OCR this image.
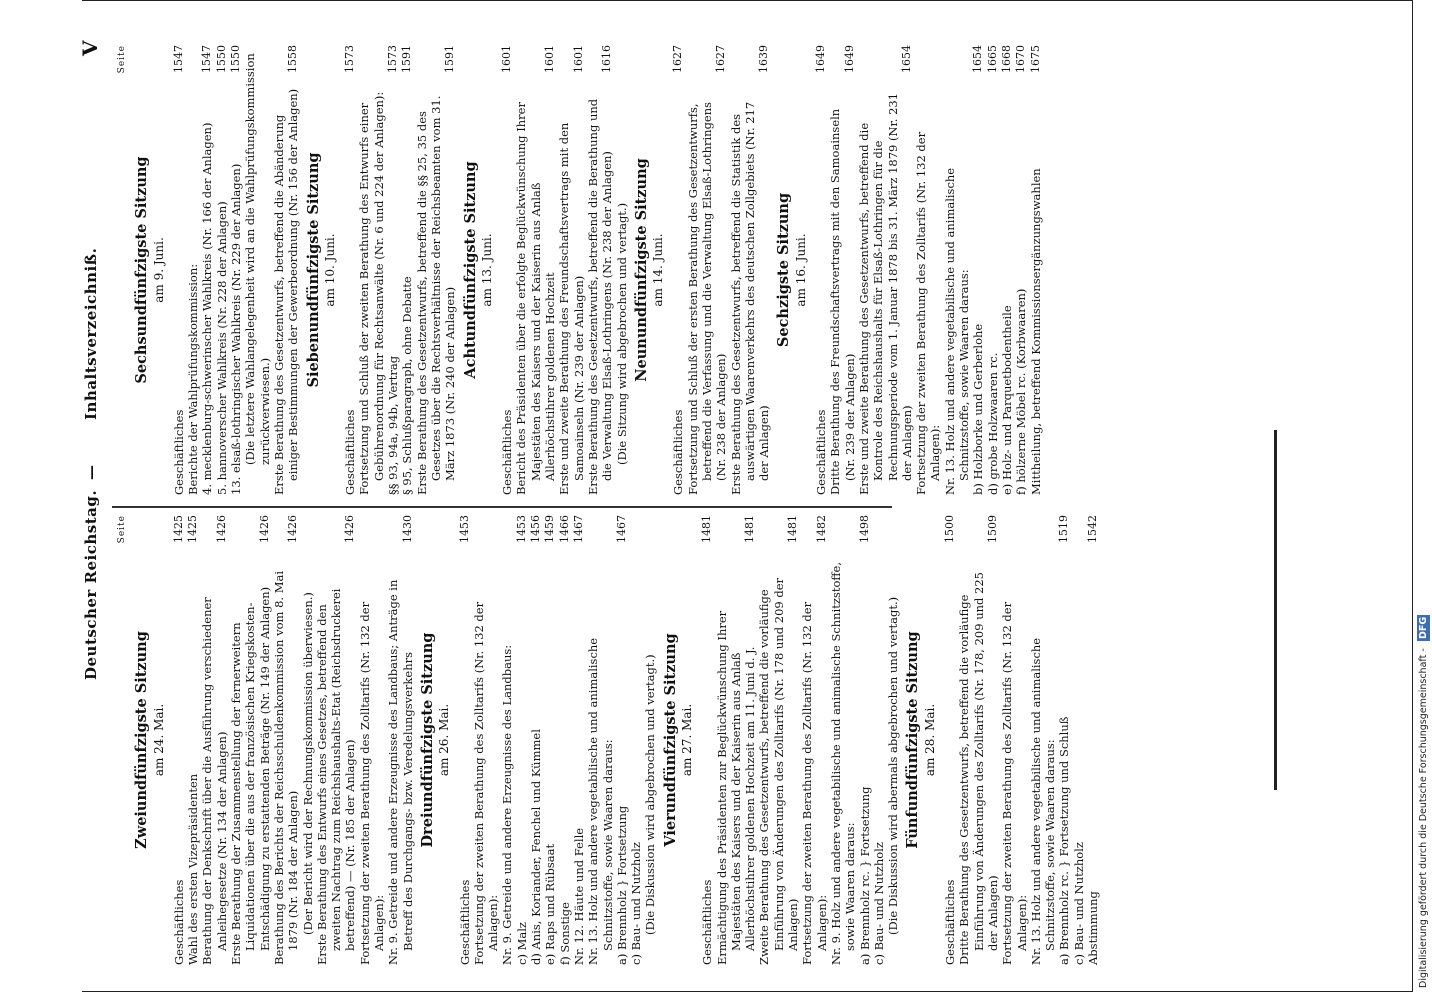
Deutscher Reichstag.
—
Inhaltsverzeichniß.
V
Seite
Zweiundfünfzigste Sitzung am 24. Mai.
Geschäftliches
1425
Wahl des ersten Vizepräsidenten
1425
Berathung der Denkschrift über die Ausführung verschiedener Anleihegesetze (Nr. 134 der Anlagen)
1426
Erste Berathung der Zusammenstellung der fernerweitern Liquidationen über die aus der französischen Kriegskosten-Entschädigung zu erstattenden Beträge (Nr. 149 der Anlagen)
1426
Berathung des Berichts der Reichsschuldenkommission vom 8. Mai 1879 (Nr. 184 der Anlagen)
1426
(Der Bericht wird der Rechnungskommission überwiesen.) Erste Berathung des Entwurfs eines Gesetzes, betreffend den zweiten Nachtrag zum Reichshaushalts-Etat (Reichsdruckerei betreffend) — (Nr. 185 der Anlagen)
1426
Fortsetzung der zweiten Berathung des Zolltarifs (Nr. 132 der Anlagen): Nr. 9. Getreide und andere Erzeugnisse des Landbaus; Anträge in Betreff des Durchgangs- bzw. Veredelungsverkehrs
1430
Dreiundfünfzigste Sitzung am 26. Mai.
Geschäftliches
1453
Fortsetzung der zweiten Berathung des Zolltarifs (Nr. 132 der Anlagen): Nr. 9. Getreide und andere Erzeugnisse des Landbaus: c) Malz
1453
d) Anis, Koriander, Fenchel und Kümmel
1456
e) Raps und Rübsaat
1459
f) Sonstige
1466
Nr. 12. Häute und Felle
1467
Nr. 13. Holz und andere vegetabilische und animalische Schnitzstoffe, sowie Waaren daraus: a) Brennholz } Fortsetzung
1467
c) Bau- und Nutzholz (Die Diskussion wird abgebrochen und vertagt.) Vierundfünfzigste Sitzung am 27. Mai.
Geschäftliches
1481
Ermächtigung des Präsidenten zur Beglückwünschung Ihrer Majestäten des Kaisers und der Kaiserin aus Anlaß Allerhöchstihrer goldenen Hochzeit am 11. Juni d. J.
1481
Zweite Berathung des Gesetzentwurfs, betreffend die vorläufige Einführung von Änderungen des Zolltarifs (Nr. 178 und 209 der Anlagen)
1481
Fortsetzung der zweiten Berathung des Zolltarifs (Nr. 132 der Anlagen):
1482
Nr. 9. Holz und andere vegetabilische und animalische Schnitzstoffe, sowie Waaren daraus: a) Brennholz rc. } Fortsetzung
1498
c) Bau- und Nutzholz (Die Diskussion wird abermals abgebrochen und vertagt.) Fünfundfünfzigste Sitzung am 28. Mai.
Geschäftliches
1500
Dritte Berathung des Gesetzentwurfs, betreffend die vorläufige Einführung von Änderungen des Zolltarifs (Nr. 178, 209 und 225 der Anlagen)
1509
Fortsetzung der zweiten Berathung des Zolltarifs (Nr. 132 der Anlagen): Nr. 13. Holz und andere vegetabilische und animalische Schnitzstoffe, sowie Waaren daraus: a) Brennholz rc. } Fortsetzung und Schluß
1519
c) Bau- und Nutzholz Abstimmung
1542
Seite
Sechsundfünfzigste Sitzung am 9. Juni.
Geschäftliches
1547
Berichte der Wahlprüfungskommission: 4. mecklenburg-schwerinscher Wahlkreis (Nr. 166 der Anlagen)
1547
5. hannoverscher Wahlkreis (Nr. 228 der Anlagen)
1550
13. elsaß-lothringischer Wahlkreis (Nr. 229 der Anlagen)
1550 (Die letztere Wahlangelegenheit wird an die Wahlprüfungskommission zurückverwiesen.) Erste Berathung des Gesetzentwurfs, betreffend die Abänderung einiger Bestimmungen der Gewerbeordnung (Nr. 156 der Anlagen)
1558
Siebenundfünfzigste Sitzung am 10. Juni.
Geschäftliches
1573
Fortsetzung und Schluß der zweiten Berathung des Entwurfs einer Gebührenordnung für Rechtsanwälte (Nr. 6 und 224 der Anlagen): §§ 93, 94a, 94b, Vertrag
1573
§ 95, Schlußparagraph, ohne Debatte
1591
Erste Berathung des Gesetzentwurfs, betreffend die §§ 25, 35 des Gesetzes über die Rechtsverhältnisse der Reichsbeamten vom 31. März 1873 (Nr. 240 der Anlagen)
1591
Achtundfünfzigste Sitzung am 13. Juni.
Geschäftliches
1601
Bericht des Präsidenten über die erfolgte Beglückwünschung Ihrer Majestäten des Kaisers und der Kaiserin aus Anlaß Allerhöchstihrer goldenen Hochzeit
1601
Erste und zweite Berathung des Freundschaftsvertrags mit den Samoainseln (Nr. 239 der Anlagen)
1601
Erste Berathung des Gesetzentwurfs, betreffend die Berathung und die Verwaltung Elsaß-Lothringens (Nr. 238 der Anlagen)
1616
(Die Sitzung wird abgebrochen und vertagt.) Neunundfünfzigste Sitzung am 14. Juni.
Geschäftliches
1627
Fortsetzung und Schluß der ersten Berathung des Gesetzentwurfs, betreffend die Verfassung und die Verwaltung Elsaß-Lothringens (Nr. 238 der Anlagen)
1627
Erste Berathung des Gesetzentwurfs, betreffend die Statistik des auswärtigen Waarenverkehrs des deutschen Zollgebiets (Nr. 217 der Anlagen)
1639
Sechzigste Sitzung am 16. Juni.
Geschäftliches
1649
Dritte Berathung des Freundschaftsvertrags mit den Samoainseln (Nr. 239 der Anlagen)
1649
Erste und zweite Berathung des Gesetzentwurfs, betreffend die Kontrole des Reichshaushalts für Elsaß-Lothringen für die Rechnungsperiode vom 1. Januar 1878 bis 31. März 1879 (Nr. 231 der Anlagen)
1654
Fortsetzung der zweiten Berathung des Zolltarifs (Nr. 132 der Anlagen): Nr. 13. Holz und andere vegetabilische und animalische Schnitzstoffe, sowie Waaren daraus: b) Holzborke und Gerberlohe
1654
d) grobe Holzwaaren rc.
1665
e) Holz- und Parquetbodentheile
1668
f) hölzerne Möbel rc. (Korbwaaren)
1670
Mittheilung, betreffend Kommissionsergänzungswahlen
1675
Digitalisierung gefördert durch die Deutsche Forschungsgemeinschaft - DFG
